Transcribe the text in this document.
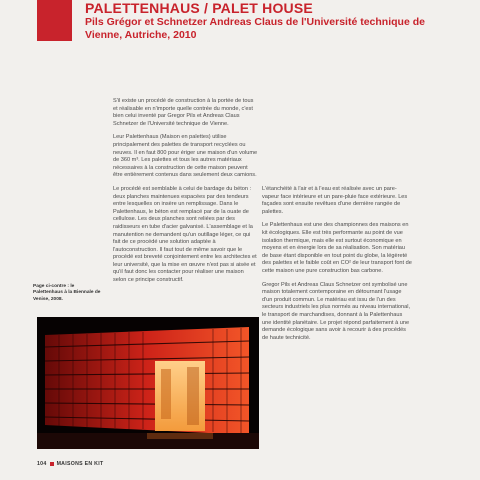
PALETTENHAUS / PALET HOUSE
Pils Grégor et Schnetzer Andreas Claus de l'Université technique de Vienne, Autriche, 2010

S'il existe un procédé de construction à la portée de tous et réalisable en n'importe quelle contrée du monde, c'est bien celui inventé par Gregor Pils et Andreas Claus Schnetzer de l'Université technique de Vienne.

Leur Palettenhaus (Maison en palettes) utilise principalement des palettes de transport recyclées ou neuves. Il en faut 800 pour ériger une maison d'un volume de 360 m³. Les palettes et tous les autres matériaux nécessaires à la construction de cette maison peuvent être entièrement contenus dans seulement deux camions.

Le procédé est semblable à celui de bardage du béton : deux planches maintenues espacées par des tendeurs entre lesquelles on insère un remplissage. Dans le Palettenhaus, le béton est remplacé par de la ouate de cellulose. Les deux planches sont reliées par des raidisseurs en tube d'acier galvanisé. L'assemblage et la manutention ne demandent qu'un outillage léger, ce qui fait de ce procédé une solution adaptée à l'autoconstruction. Il faut tout de même savoir que le procédé est breveté conjointement entre les architectes et leur université, que la mise en œuvre n'est pas si aisée et qu'il faut donc les contacter pour réaliser une maison selon ce principe constructif.

L'étanchéité à l'air et à l'eau est réalisée avec un pare-vapeur face intérieure et un pare-pluie face extérieure. Les façades sont ensuite revêtues d'une dernière rangée de palettes.

Le Palettenhaus est une des championnes des maisons en kit écologiques. Elle est très performante au point de vue isolation thermique, mais elle est surtout économique en moyens et en énergie lors de sa réalisation. Son matériau de base étant disponible en tout point du globe, la légèreté des palettes et le faible coût en CO² de leur transport font de cette maison une pure construction bas carbone.

Gregor Pils et Andreas Claus Schnetzer ont symbolisé une maison totalement contemporaine en détournant l'usage d'un produit commun. Le matériau est issu de l'un des secteurs industriels les plus normés au niveau international, le transport de marchandises, donnant à la Palettenhaus une identité planétaire. Le projet répond parfaitement à une demande écologique sans avoir à recourir à des procédés de haute technicité.

Page ci-contre : le Palettenhaus à la Biennale de Venise, 2008.
104 MAISONS EN KIT
